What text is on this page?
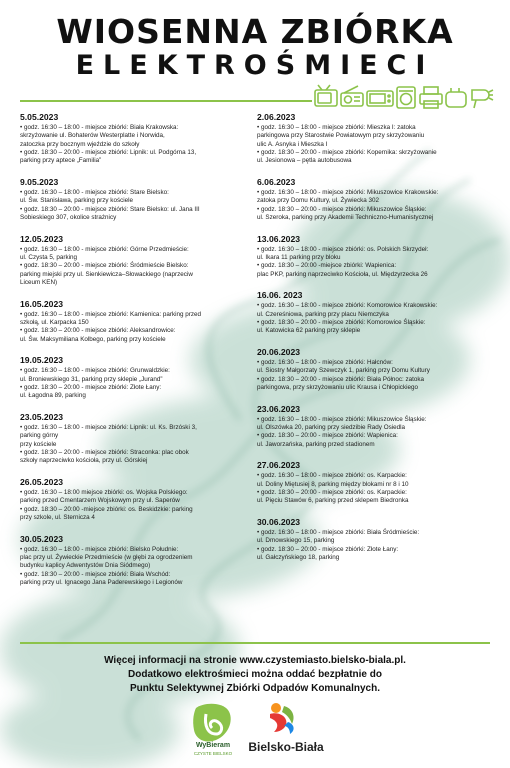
WIOSENNA ZBIÓRKA
ELEKTROŚMIECI
5.05.2023
• godz. 16:30 – 18:00 - miejsce zbiórki: Biała Krakowska:
skrzyżowanie ul. Bohaterów Westerplatte i Norwida,
zatoczka przy bocznym wjeździe do szkoły
• godz. 18:30 – 20:00 - miejsce zbiórki: Lipnik: ul. Podgórna 13,
parking przy aptece „Familia”
9.05.2023
• godz. 16:30 – 18:00 - miejsce zbiórki: Stare Bielsko:
ul. Św. Stanisława, parking przy kościele
• godz. 18:30 – 20:00 - miejsce zbiórki: Stare Bielsko: ul. Jana III
Sobieskiego 307, okolice strażnicy
12.05.2023
• godz. 16:30 – 18:00 - miejsce zbiórki: Górne Przedmieście:
ul. Czysta 5, parking
• godz. 18:30 – 20:00 - miejsce zbiórki: Śródmieście Bielsko:
parking miejski przy ul. Sienkiewicza–Słowackiego (naprzeciw
Liceum KEN)
16.05.2023
• godz. 16:30 – 18:00 - miejsce zbiórki: Kamienica: parking przed
szkołą, ul. Karpacka 150
• godz. 18:30 – 20:00 - miejsce zbiórki: Aleksandrowice:
ul. Św. Maksymiliana Kolbego, parking przy kościele
19.05.2023
• godz. 16:30 – 18:00 - miejsce zbiórki: Grunwaldzkie:
ul. Broniewskiego 31, parking przy sklepie „Jurand”
• godz. 18:30 – 20:00 - miejsce zbiórki: Złote Łany:
ul. Łagodna 89, parking
23.05.2023
• godz. 16:30 – 18:00 - miejsce zbiórki: Lipnik: ul. Ks. Brzóski 3,
parking górny
przy kościele
• godz. 18:30 – 20:00 - miejsce zbiórki: Straconka: plac obok
szkoły naprzeciwko kościoła, przy ul. Górskiej
26.05.2023
• godz. 16:30 – 18:00 miejsce zbiórki: os. Wojska Polskiego:
parking przed Cmentarzem Wojskowym przy ul. Saperów
• godz. 18:30 – 20:00 -miejsce zbiórki: os. Beskidzkie: parking
przy szkole, ul. Sternicza 4
30.05.2023
• godz. 16:30 – 18:00 - miejsce zbiórki: Bielsko Południe:
plac przy ul. Żywieckie Przedmieście (w głębi za ogrodzeniem
budynku kaplicy Adwentystów Dnia Siódmego)
• godz. 18:30 – 20:00 - miejsce zbiórki: Biała Wschód:
parking przy ul. Ignacego Jana Paderewskiego i Legionów
2.06.2023
• godz. 16:30 – 18:00 - miejsce zbiórki: Mieszka I: zatoka
parkingowa przy Starostwie Powiatowym przy skrzyżowaniu
ulic A. Asnyka i Mieszka I
• godz. 18:30 – 20:00 - miejsce zbiórki: Kopernika: skrzyżowanie
ul. Jesionowa – pętla autobusowa
6.06.2023
• godz. 16:30 – 18:00 - miejsce zbiórki: Mikuszowice Krakowskie:
zatoka przy Domu Kultury, ul. Żywiecka 302
• godz. 18:30 – 20:00 - miejsce zbiórki: Mikuszowice Śląskie:
ul. Szeroka, parking przy Akademii Techniczno-Humanistycznej
13.06.2023
• godz. 16:30 – 18:00 - miejsce zbiórki: os. Polskich Skrzydeł:
ul. Ikara 11 parking przy bloku
• godz. 18:30 – 20:00 -miejsce zbiórki: Wapienica:
plac PKP, parking naprzeciwko Kościoła, ul. Międzyrzecka 26
16.06. 2023
• godz. 16:30 – 18:00 - miejsce zbiórki: Komorowice Krakowskie:
ul. Czereśniowa, parking przy placu Niemczyka
• godz. 18:30 – 20:00 - miejsce zbiórki: Komorowice Śląskie:
ul. Katowicka 62 parking przy sklepie
20.06.2023
• godz. 16:30 – 18:00 - miejsce zbiórki: Hałcnów:
ul. Siostry Małgorzaty Szewczyk 1, parking przy Domu Kultury
• godz. 18:30 – 20:00 - miejsce zbiórki: Biała Północ: zatoka
parkingowa, przy skrzyżowaniu ulic Krausa i Chłopickiego
23.06.2023
• godz. 16:30 – 18:00 - miejsce zbiórki: Mikuszowice Śląskie:
ul. Olszówka 20, parking przy siedzibie Rady Osiedla
• godz. 18:30 – 20:00 - miejsce zbiórki: Wapienica:
ul. Jaworzańska, parking przed stadionem
27.06.2023
• godz. 16:30 – 18:00 - miejsce zbiórki: os. Karpackie:
ul. Doliny Miętusiej 8, parking między blokami nr 8 i 10
• godz. 18:30 – 20:00 - miejsce zbiórki: os. Karpackie:
ul. Pięciu Stawów 6, parking przed sklepem Biedronka
30.06.2023
• godz. 16:30 – 18:00 - miejsce zbiórki: Biała Śródmieście:
ul. Dmowskiego 15, parking
• godz. 18:30 – 20:00 - miejsce zbiórki: Złote Łany:
ul. Gałczyńskiego 18, parking
Więcej informacji na stronie www.czystemiasto.bielsko-biala.pl.
Dodatkowo elektrośmieci można oddać bezpłatnie do
Punktu Selektywnej Zbiórki Odpadów Komunalnych.
WyBieram
CZYSTE BIELSKO	Bielsko-Biała
